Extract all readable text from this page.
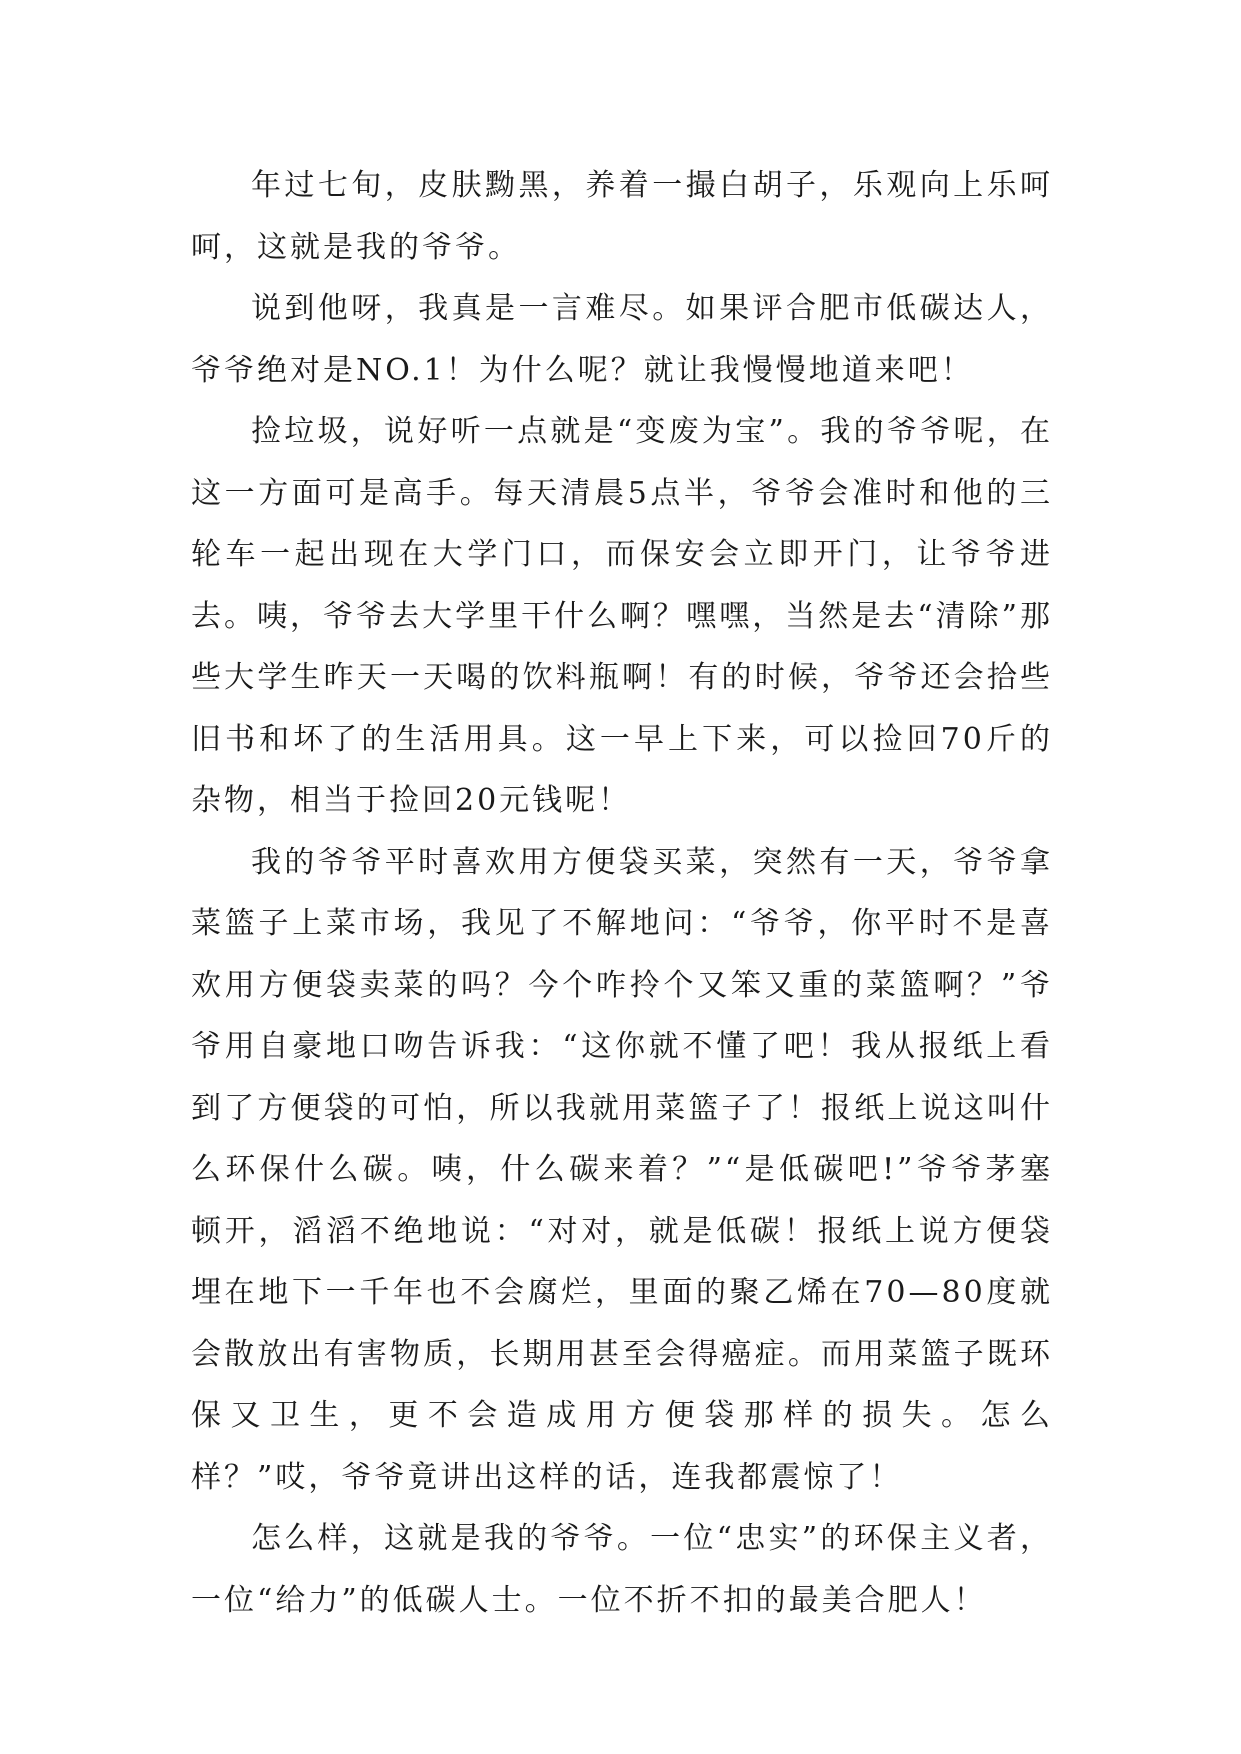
年过七旬，皮肤黝黑，养着一撮白胡子，乐观向上乐呵呵，这就是我的爷爷。

说到他呀，我真是一言难尽。如果评合肥市低碳达人，爷爷绝对是NO.1！为什么呢？就让我慢慢地道来吧！

捡垃圾，说好听一点就是“变废为宝”。我的爷爷呢，在这一方面可是高手。每天清晨5点半，爷爷会准时和他的三轮车一起出现在大学门口，而保安会立即开门，让爷爷进去。咦，爷爷去大学里干什么啊？嘿嘿，当然是去“清除”那些大学生昨天一天喝的饮料瓶啊！有的时候，爷爷还会拾些旧书和坏了的生活用具。这一早上下来，可以捡回70斤的杂物，相当于捡回20元钱呢！

我的爷爷平时喜欢用方便袋买菜，突然有一天，爷爷拿菜篮子上菜市场，我见了不解地问：“爷爷，你平时不是喜欢用方便袋卖菜的吗？今个咋拎个又笨又重的菜篮啊？”爷爷用自豪地口吻告诉我：“这你就不懂了吧！我从报纸上看到了方便袋的可怕，所以我就用菜篮子了！报纸上说这叫什么环保什么碳。咦，什么碳来着？”“是低碳吧!”爷爷茅塞顿开，滔滔不绝地说：“对对，就是低碳！报纸上说方便袋埋在地下一千年也不会腐烂，里面的聚乙烯在70—80度就会散放出有害物质，长期用甚至会得癌症。而用菜篮子既环保又卫生，更不会造成用方便袋那样的损失。怎么样？”哎，爷爷竟讲出这样的话，连我都震惊了！

怎么样，这就是我的爷爷。一位“忠实”的环保主义者，一位“给力”的低碳人士。一位不折不扣的最美合肥人！
